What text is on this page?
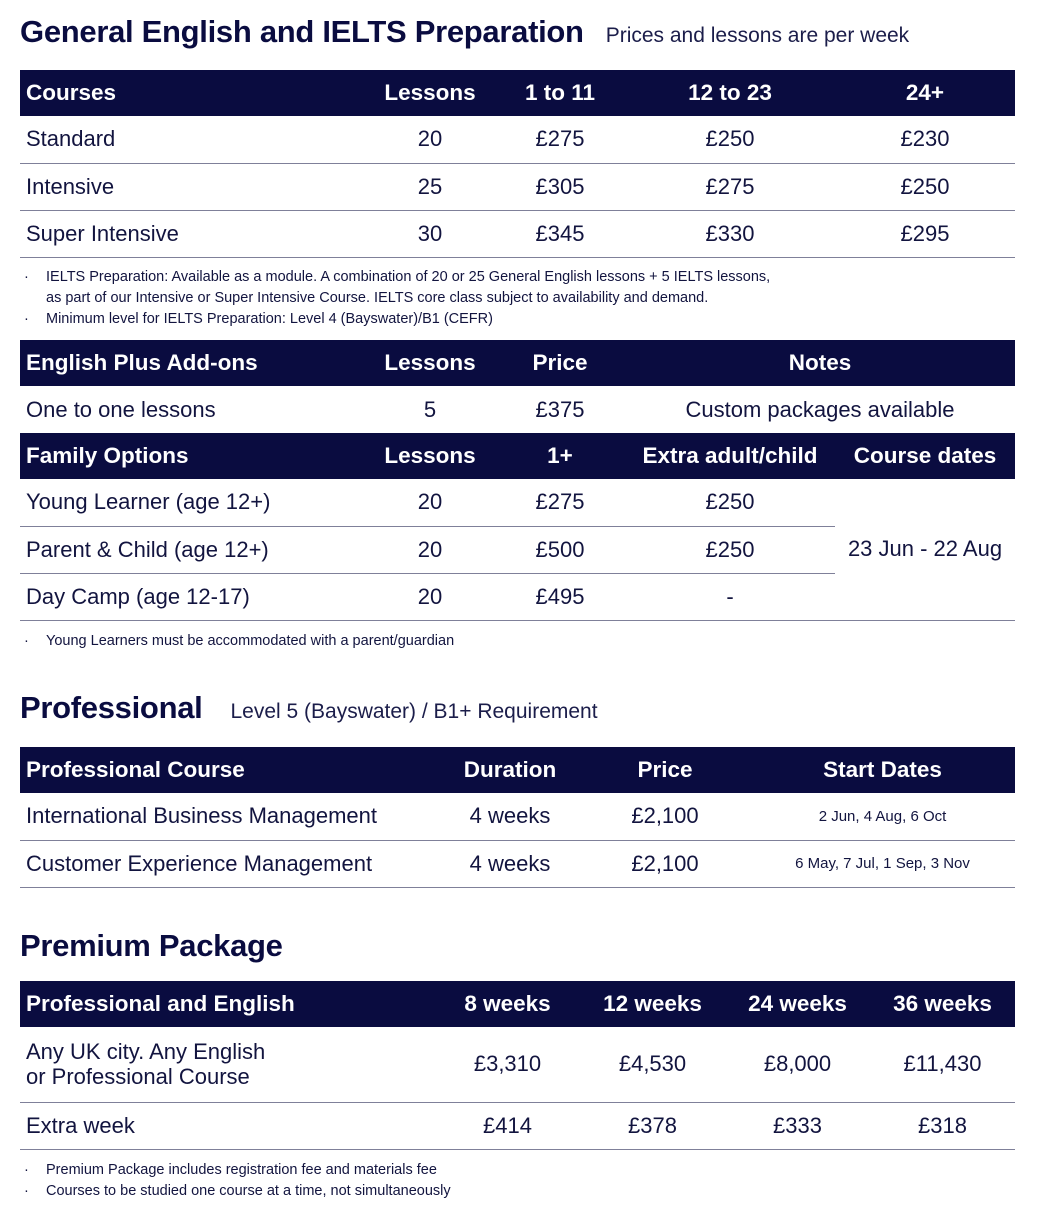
General English and IELTS Preparation Prices and lessons are per week
Courses	Lessons	1 to 11	12 to 23	24+
Standard	20	£275	£250	£230
Intensive	25	£305	£275	£250
Super Intensive	30	£345	£330	£295
· IELTS Preparation: Available as a module. A combination of 20 or 25 General English lessons + 5 IELTS lessons,
as part of our Intensive or Super Intensive Course. IELTS core class subject to availability and demand.
· Minimum level for IELTS Preparation: Level 4 (Bayswater)/B1 (CEFR)
English Plus Add-ons	Lessons	Price	Notes
One to one lessons	5	£375	Custom packages available
Family Options	Lessons	1+	Extra adult/child	Course dates
Young Learner (age 12+)	20	£275	£250	23 Jun - 22 Aug
Parent & Child (age 12+)	20	£500	£250	
Day Camp (age 12-17)	20	£495	-	
· Young Learners must be accommodated with a parent/guardian
Professional Level 5 (Bayswater) / B1+ Requirement
Professional Course	Duration	Price	Start Dates
International Business Management	4 weeks	£2,100	2 Jun, 4 Aug, 6 Oct
Customer Experience Management	4 weeks	£2,100	6 May, 7 Jul, 1 Sep, 3 Nov
Premium Package
Professional and English	8 weeks	12 weeks	24 weeks	36 weeks

Any UK city. Any English
or Professional Course	£3,310	£4,530	£8,000	£11,430
Extra week	£414	£378	£333	£318
· Premium Package includes registration fee and materials fee
· Courses to be studied one course at a time, not simultaneously
